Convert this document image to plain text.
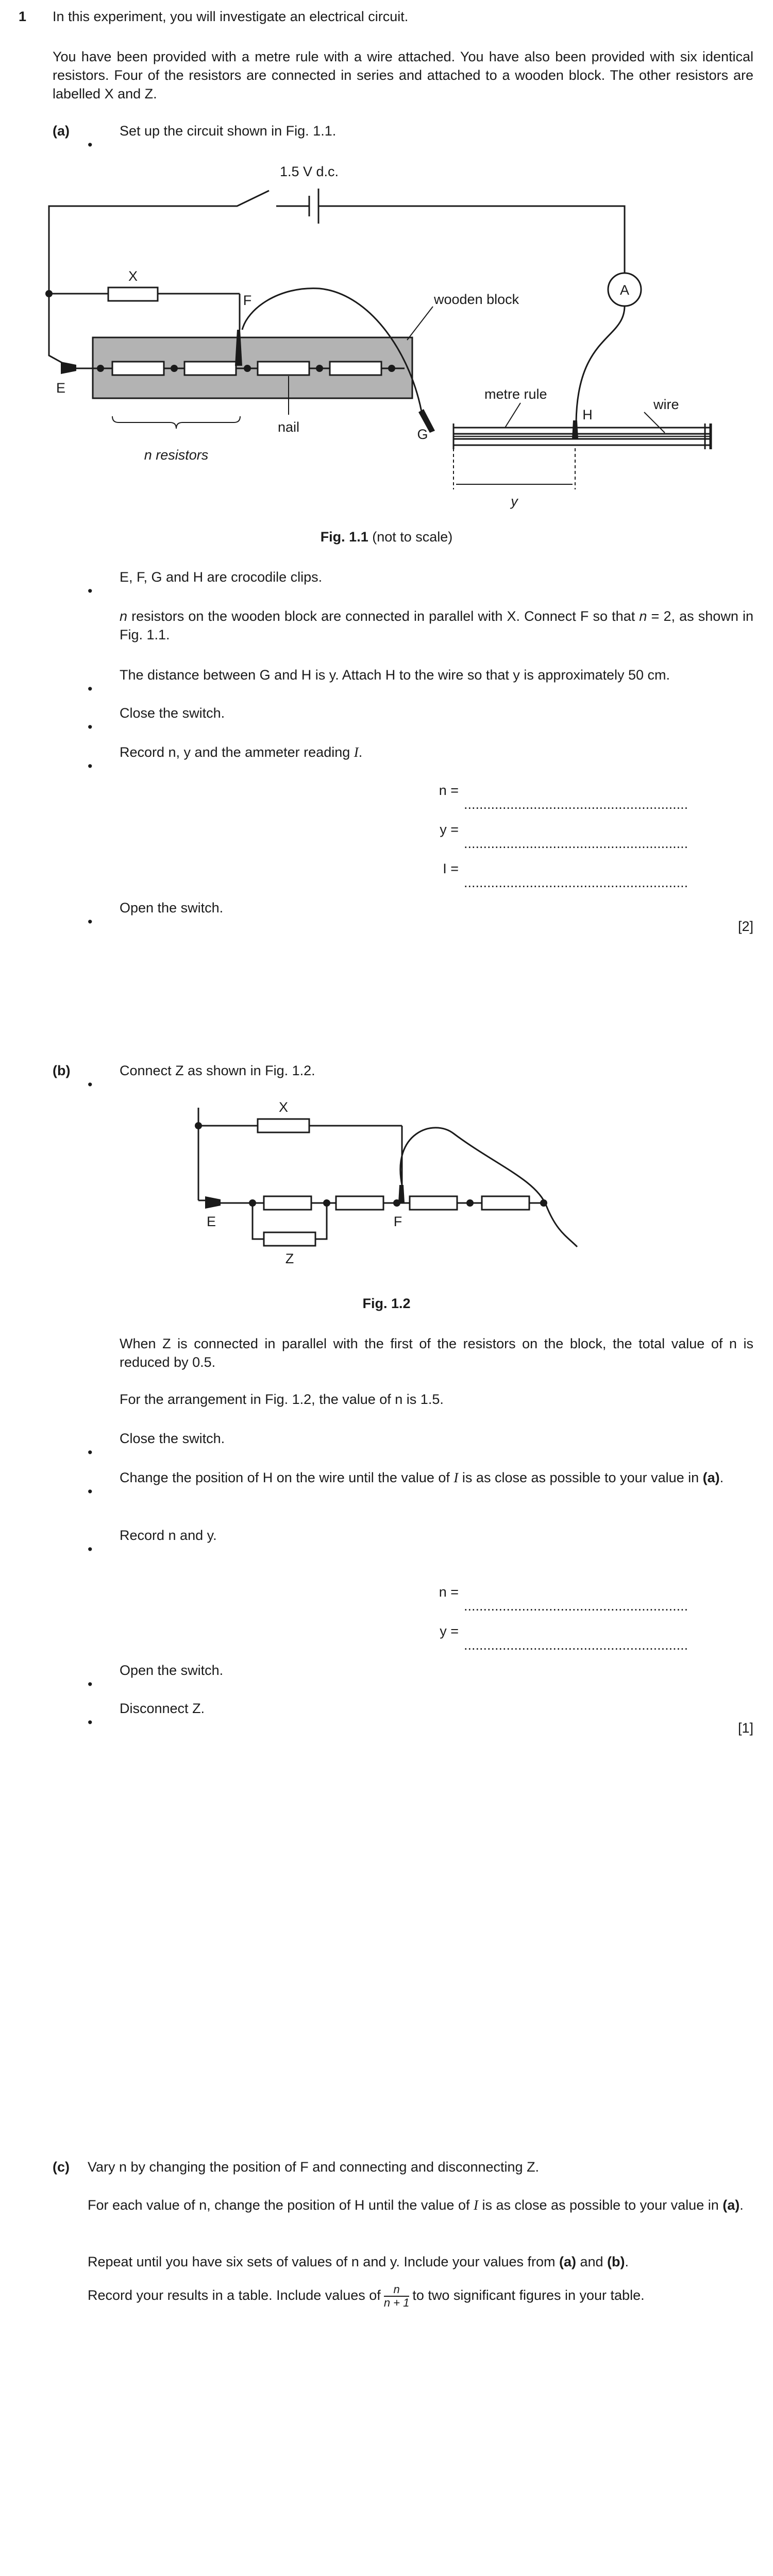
1 In this experiment, you will investigate an electrical circuit.

You have been provided with a metre rule with a wire attached. You have also been provided with six identical resistors. Four of the resistors are connected in series and attached to a wooden block. The other resistors are labelled X and Z.

(a)

•

Set up the circuit shown in Fig. 1.1.

1.5 V d.c.
A
X
F
E
G
H
wooden block
metre rule
wire
nail
n resistors
y

Fig. 1.1 (not to scale)

•

E, F, G and H are crocodile clips.

n resistors on the wooden block are connected in parallel with X. Connect F so that n = 2, as shown in Fig. 1.1.

•

The distance between G and H is y. Attach H to the wire so that y is approximately 50 cm.

•

Close the switch.

•

Record n, y and the ammeter reading I.

n =

..........................................................

y =

..........................................................

I =

..........................................................

•

Open the switch.

[2]

(b)

•

Connect Z as shown in Fig. 1.2.

X
E	F
Z

Fig. 1.2

When Z is connected in parallel with the first of the resistors on the block, the total value of n is reduced by 0.5.

For the arrangement in Fig. 1.2, the value of n is 1.5.

•

Close the switch.

•

Change the position of H on the wire until the value of I is as close as possible to your value in (a).

•

Record n and y.

n =

..........................................................

y =

..........................................................

•

Open the switch.

•

Disconnect Z.

[1]

(c) Vary n by changing the position of F and connecting and disconnecting Z.

For each value of n, change the position of H until the value of I is as close as possible to your value in (a).

Repeat until you have six sets of values of n and y. Include your values from (a) and (b).

Record your results in a table. Include values of $\frac{n}{n + 1}$ to two significant figures in your table.
